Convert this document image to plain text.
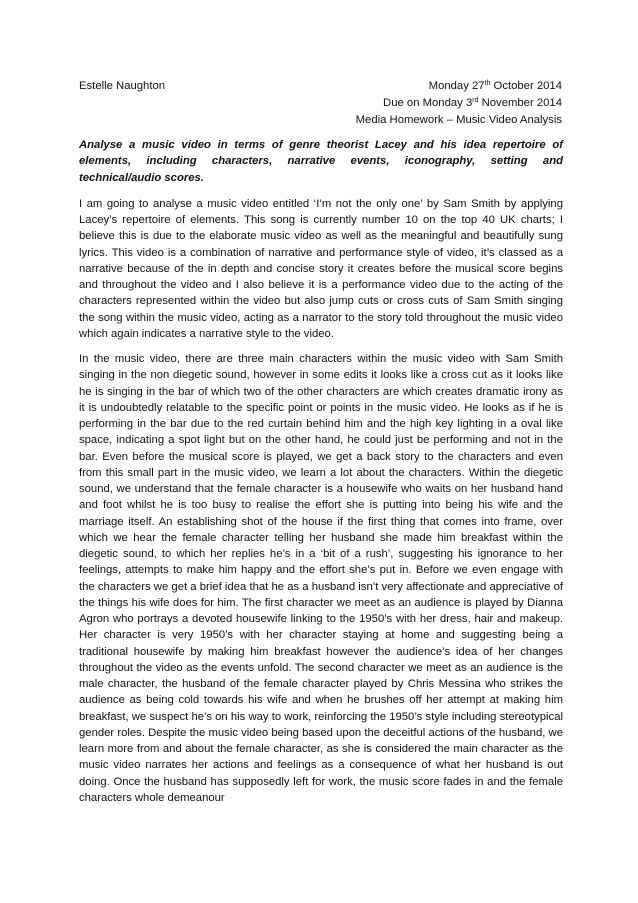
Estelle Naughton	Monday 27th October 2014
Due on Monday 3rd November 2014
Media Homework – Music Video Analysis

Analyse a music video in terms of genre theorist Lacey and his idea repertoire of elements, including characters, narrative events, iconography, setting and technical/audio scores.

I am going to analyse a music video entitled ‘I’m not the only one’ by Sam Smith by applying Lacey’s repertoire of elements. This song is currently number 10 on the top 40 UK charts; I believe this is due to the elaborate music video as well as the meaningful and beautifully sung lyrics. This video is a combination of narrative and performance style of video, it’s classed as a narrative because of the in depth and concise story it creates before the musical score begins and throughout the video and I also believe it is a performance video due to the acting of the characters represented within the video but also jump cuts or cross cuts of Sam Smith singing the song within the music video, acting as a narrator to the story told throughout the music video which again indicates a narrative style to the video.

In the music video, there are three main characters within the music video with Sam Smith singing in the non diegetic sound, however in some edits it looks like a cross cut as it looks like he is singing in the bar of which two of the other characters are which creates dramatic irony as it is undoubtedly relatable to the specific point or points in the music video. He looks as if he is performing in the bar due to the red curtain behind him and the high key lighting in a oval like space, indicating a spot light but on the other hand, he could just be performing and not in the bar. Even before the musical score is played, we get a back story to the characters and even from this small part in the music video, we learn a lot about the characters. Within the diegetic sound, we understand that the female character is a housewife who waits on her husband hand and foot whilst he is too busy to realise the effort she is putting into being his wife and the marriage itself. An establishing shot of the house if the first thing that comes into frame, over which we hear the female character telling her husband she made him breakfast within the diegetic sound, to which her replies he’s in a ‘bit of a rush’, suggesting his ignorance to her feelings, attempts to make him happy and the effort she’s put in. Before we even engage with the characters we get a brief idea that he as a husband isn’t very affectionate and appreciative of the things his wife does for him. The first character we meet as an audience is played by Dianna Agron who portrays a devoted housewife linking to the 1950’s with her dress, hair and makeup. Her character is very 1950’s with her character staying at home and suggesting being a traditional housewife by making him breakfast however the audience’s idea of her changes throughout the video as the events unfold. The second character we meet as an audience is the male character, the husband of the female character played by Chris Messina who strikes the audience as being cold towards his wife and when he brushes off her attempt at making him breakfast, we suspect he’s on his way to work, reinforcing the 1950’s style including stereotypical gender roles. Despite the music video being based upon the deceitful actions of the husband, we learn more from and about the female character, as she is considered the main character as the music video narrates her actions and feelings as a consequence of what her husband is out doing. Once the husband has supposedly left for work, the music score fades in and the female characters whole demeanour
